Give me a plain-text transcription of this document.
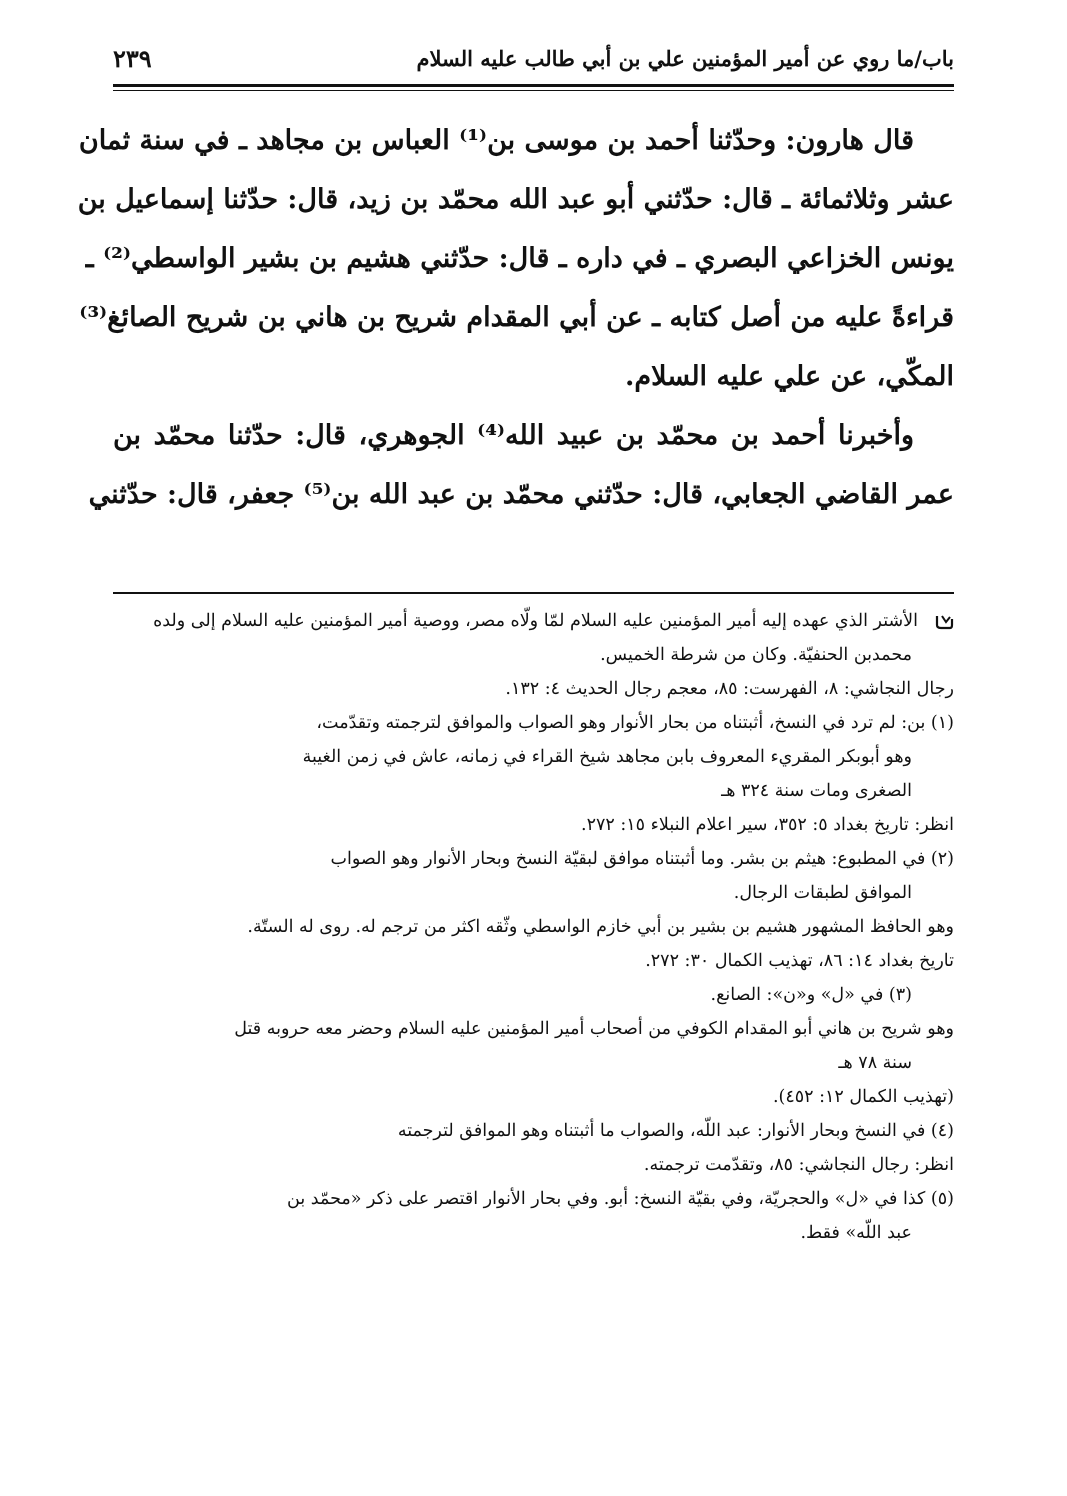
باب/ما روي عن أمير المؤمنين علي بن أبي طالب عليه السلام
٢٣٩
قال هارون: وحدّثنا أحمد بن موسى بن⁽¹⁾ العباس بن مجاهد ـ في سنة ثمان
عشر وثلاثمائة ـ قال: حدّثني أبو عبد الله محمّد بن زيد، قال: حدّثنا إسماعيل بن
يونس الخزاعي البصري ـ في داره ـ قال: حدّثني هشيم بن بشير الواسطي⁽²⁾ ـ
قراءةً عليه من أصل كتابه ـ عن أبي المقدام شريح بن هاني بن شريح الصائغ⁽³⁾
المكّي، عن علي عليه السلام.
وأخبرنا أحمد بن محمّد بن عبيد الله⁽⁴⁾ الجوهري، قال: حدّثنا محمّد بن
عمر القاضي الجعابي، قال: حدّثني محمّد بن عبد الله بن⁽⁵⁾ جعفر، قال: حدّثني
الأشتر الذي عهده إليه أمير المؤمنين عليه السلام لمّا ولّاه مصر، ووصية أمير المؤمنين عليه السلام إلى ولده
محمدبن الحنفيّة. وكان من شرطة الخميس.
رجال النجاشي: ٨، الفهرست: ٨٥، معجم رجال الحديث ٤: ١٣٢.
(١) بن: لم ترد في النسخ، أثبتناه من بحار الأنوار وهو الصواب والموافق لترجمته وتقدّمت،
وهو أبوبكر المقريء المعروف بابن مجاهد شيخ القراء في زمانه، عاش في زمن الغيبة
الصغرى ومات سنة ٣٢٤ هـ
انظر: تاريخ بغداد ٥: ٣٥٢، سير اعلام النبلاء ١٥: ٢٧٢.
(٢) في المطبوع: هيثم بن بشر. وما أثبتناه موافق لبقيّة النسخ وبحار الأنوار وهو الصواب
الموافق لطبقات الرجال.
وهو الحافظ المشهور هشيم بن بشير بن أبي خازم الواسطي وثّقه اكثر من ترجم له. روى له الستّة.
تاريخ بغداد ١٤: ٨٦، تهذيب الكمال ٣٠: ٢٧٢.
(٣) في «ل» و«ن»: الصانع.
وهو شريح بن هاني أبو المقدام الكوفي من أصحاب أمير المؤمنين عليه السلام وحضر معه حروبه قتل
سنة ٧٨ هـ
(تهذيب الكمال ١٢: ٤٥٢).
(٤) في النسخ وبحار الأنوار: عبد اللّه، والصواب ما أثبتناه وهو الموافق لترجمته
انظر: رجال النجاشي: ٨٥، وتقدّمت ترجمته.
(٥) كذا في «ل» والحجريّة، وفي بقيّة النسخ: أبو. وفي بحار الأنوار اقتصر على ذكر «محمّد بن
عبد اللّه» فقط.
